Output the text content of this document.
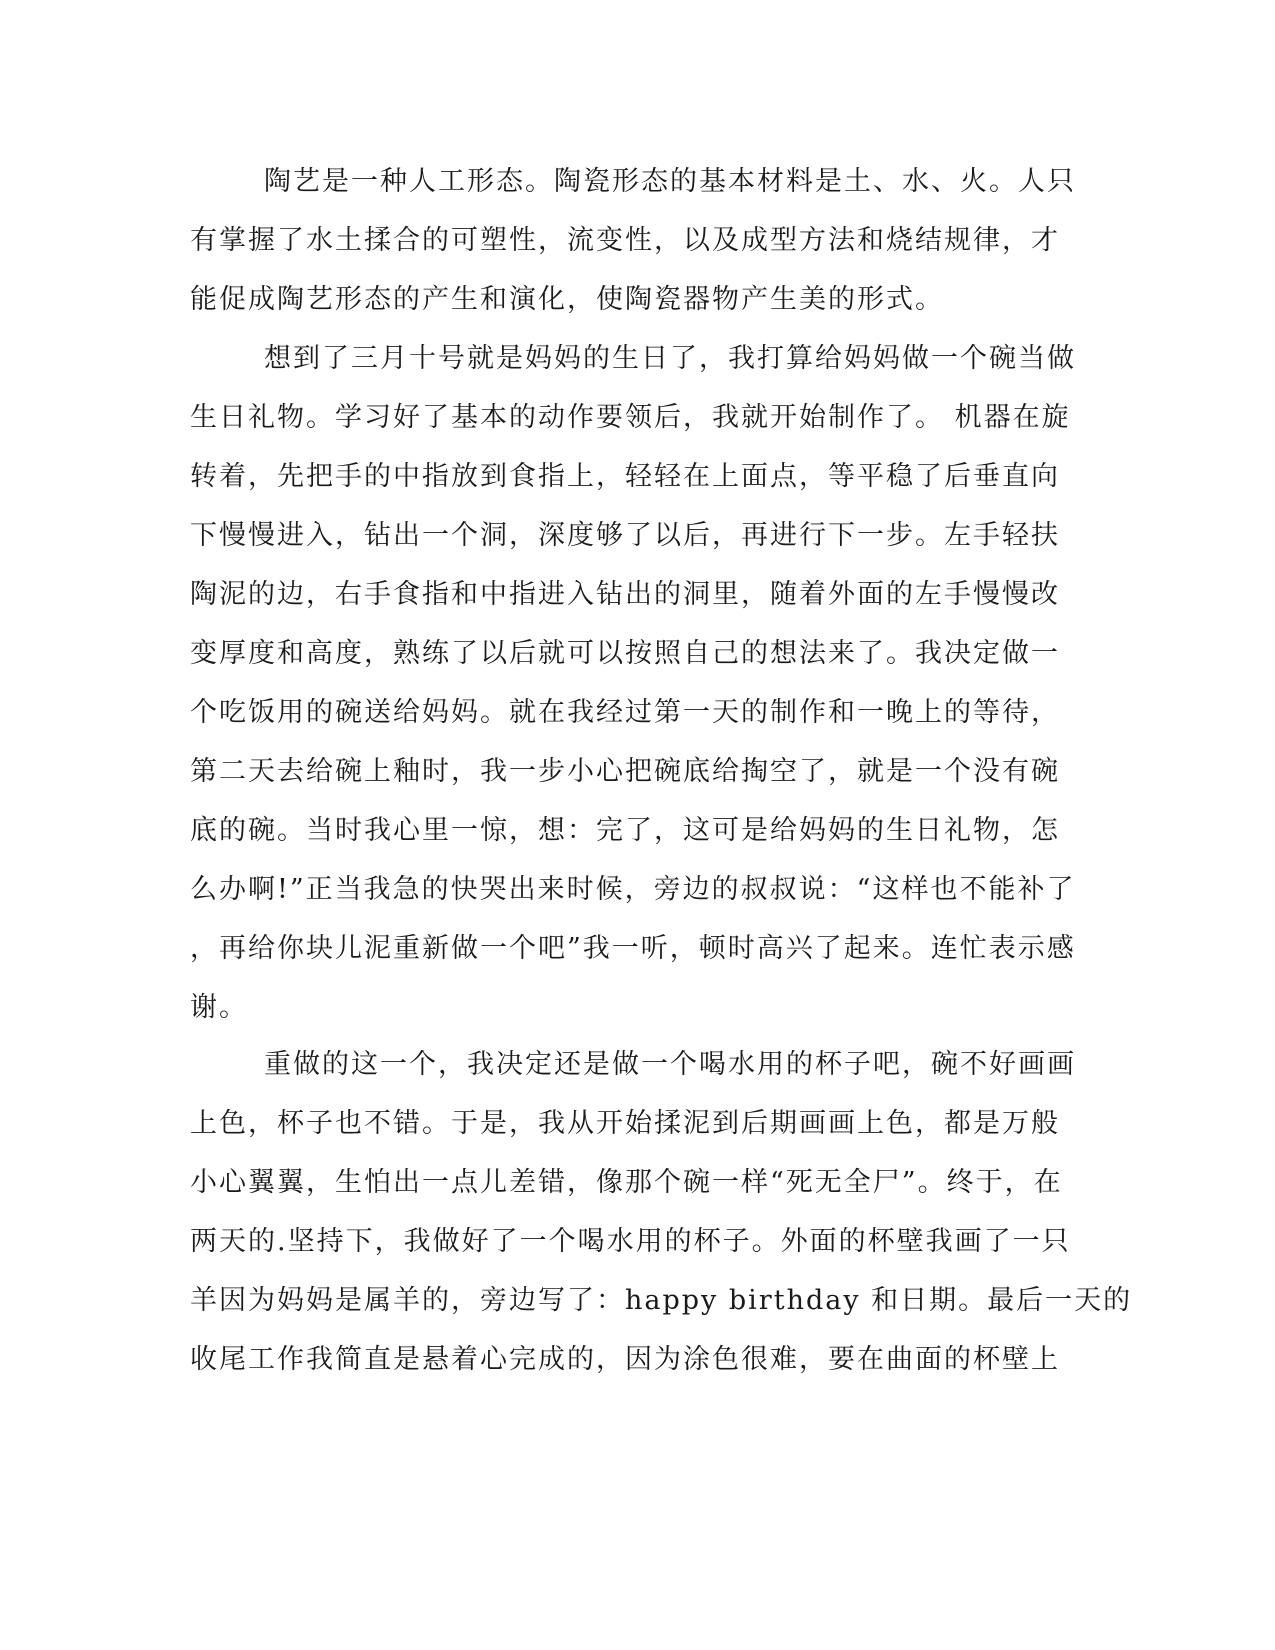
陶艺是一种人工形态。陶瓷形态的基本材料是土、水、火。人只
有掌握了水土揉合的可塑性，流变性，以及成型方法和烧结规律，才
能促成陶艺形态的产生和演化，使陶瓷器物产生美的形式。
想到了三月十号就是妈妈的生日了，我打算给妈妈做一个碗当做
生日礼物。学习好了基本的动作要领后，我就开始制作了。 机器在旋
转着，先把手的中指放到食指上，轻轻在上面点，等平稳了后垂直向
下慢慢进入，钻出一个洞，深度够了以后，再进行下一步。左手轻扶
陶泥的边，右手食指和中指进入钻出的洞里，随着外面的左手慢慢改
变厚度和高度，熟练了以后就可以按照自己的想法来了。我决定做一
个吃饭用的碗送给妈妈。就在我经过第一天的制作和一晚上的等待，
第二天去给碗上釉时，我一步小心把碗底给掏空了，就是一个没有碗
底的碗。当时我心里一惊，想：完了，这可是给妈妈的生日礼物，怎
么办啊!”正当我急的快哭出来时候，旁边的叔叔说：“这样也不能补了
，再给你块儿泥重新做一个吧”我一听，顿时高兴了起来。连忙表示感
谢。
重做的这一个，我决定还是做一个喝水用的杯子吧，碗不好画画
上色，杯子也不错。于是，我从开始揉泥到后期画画上色，都是万般
小心翼翼，生怕出一点儿差错，像那个碗一样“死无全尸”。终于，在
两天的.坚持下，我做好了一个喝水用的杯子。外面的杯壁我画了一只
羊因为妈妈是属羊的，旁边写了：happy birthday 和日期。最后一天的
收尾工作我简直是悬着心完成的，因为涂色很难，要在曲面的杯壁上
